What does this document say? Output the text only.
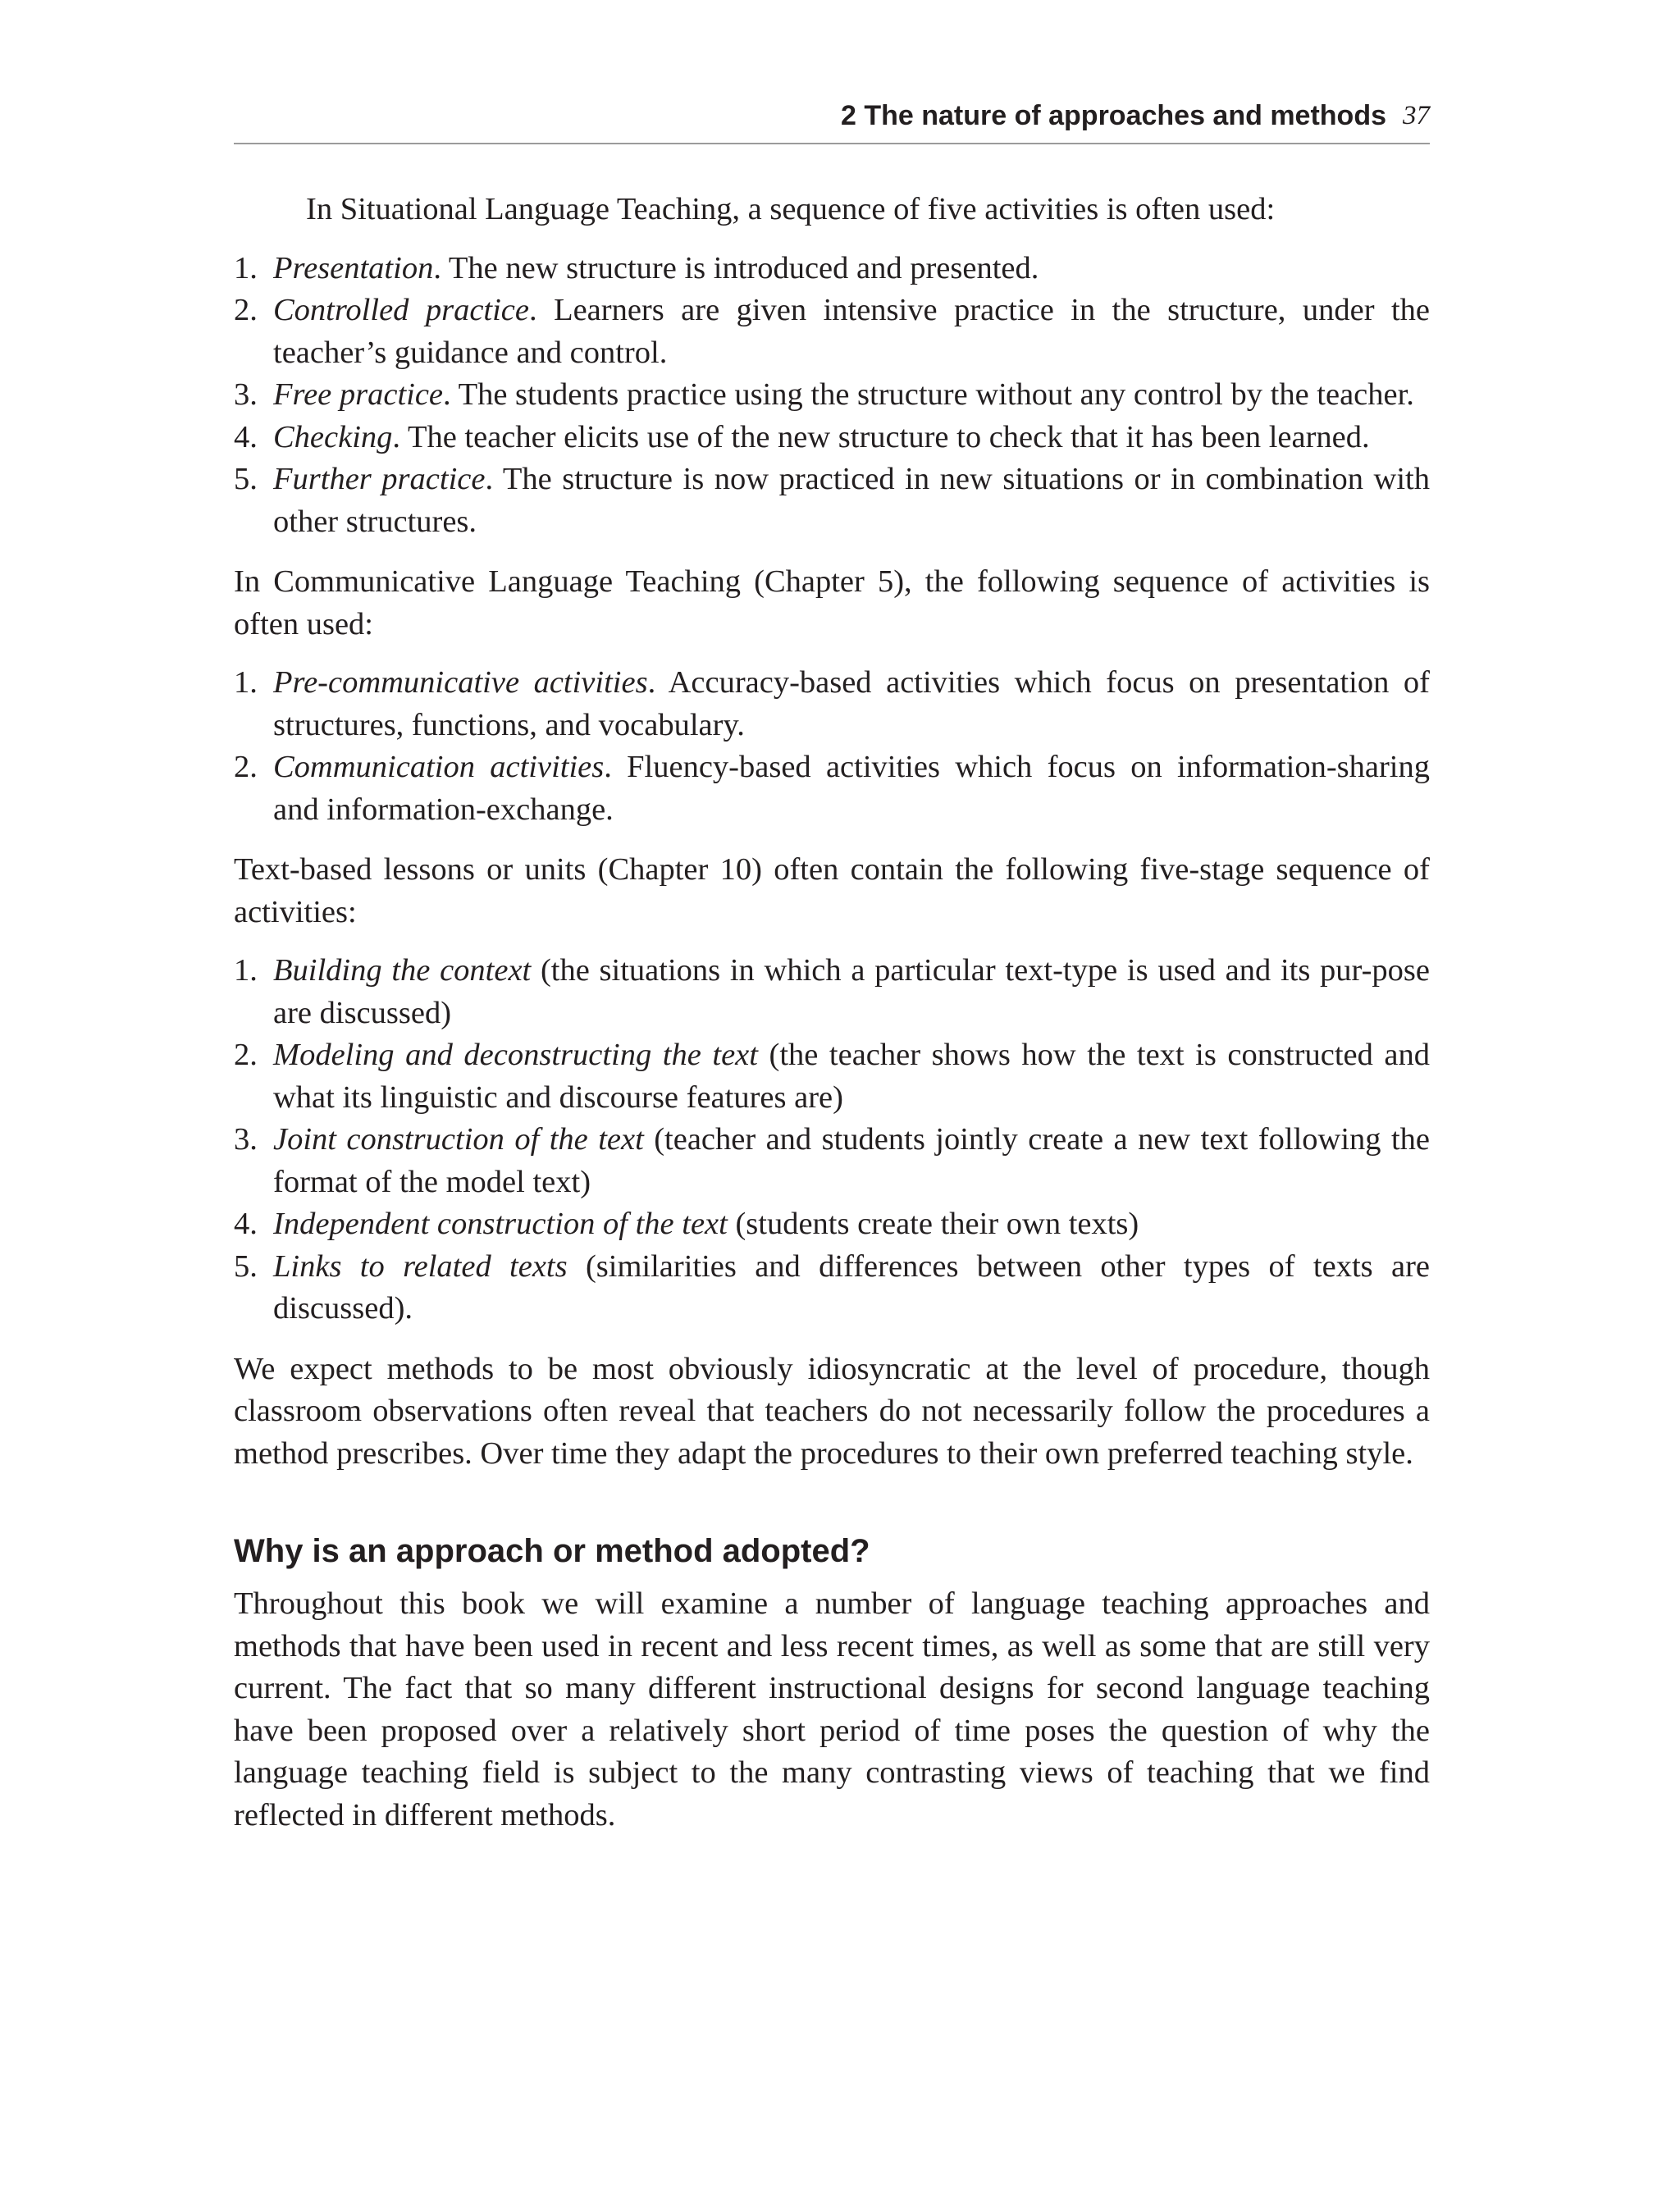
2 The nature of approaches and methods 37

In Situational Language Teaching, a sequence of five activities is often used:

1. Presentation. The new structure is introduced and presented.
2. Controlled practice. Learners are given intensive practice in the structure, under the teacher’s guidance and control.
3. Free practice. The students practice using the structure without any control by the teacher.
4. Checking. The teacher elicits use of the new structure to check that it has been learned.
5. Further practice. The structure is now practiced in new situations or in combination with other structures.

In Communicative Language Teaching (Chapter 5), the following sequence of activities is often used:

1. Pre-communicative activities. Accuracy-based activities which focus on presentation of structures, functions, and vocabulary.
2. Communication activities. Fluency-based activities which focus on information-sharing and information-exchange.

Text-based lessons or units (Chapter 10) often contain the following five-stage sequence of activities:

1. Building the context (the situations in which a particular text-type is used and its pur-pose are discussed)
2. Modeling and deconstructing the text (the teacher shows how the text is constructed and what its linguistic and discourse features are)
3. Joint construction of the text (teacher and students jointly create a new text following the format of the model text)
4. Independent construction of the text (students create their own texts)
5. Links to related texts (similarities and differences between other types of texts are discussed).

We expect methods to be most obviously idiosyncratic at the level of procedure, though classroom observations often reveal that teachers do not necessarily follow the procedures a method prescribes. Over time they adapt the procedures to their own preferred teaching style.

Why is an approach or method adopted?

Throughout this book we will examine a number of language teaching approaches and methods that have been used in recent and less recent times, as well as some that are still very current. The fact that so many different instructional designs for second language teaching have been proposed over a relatively short period of time poses the question of why the language teaching field is subject to the many contrasting views of teaching that we find reflected in different methods.
